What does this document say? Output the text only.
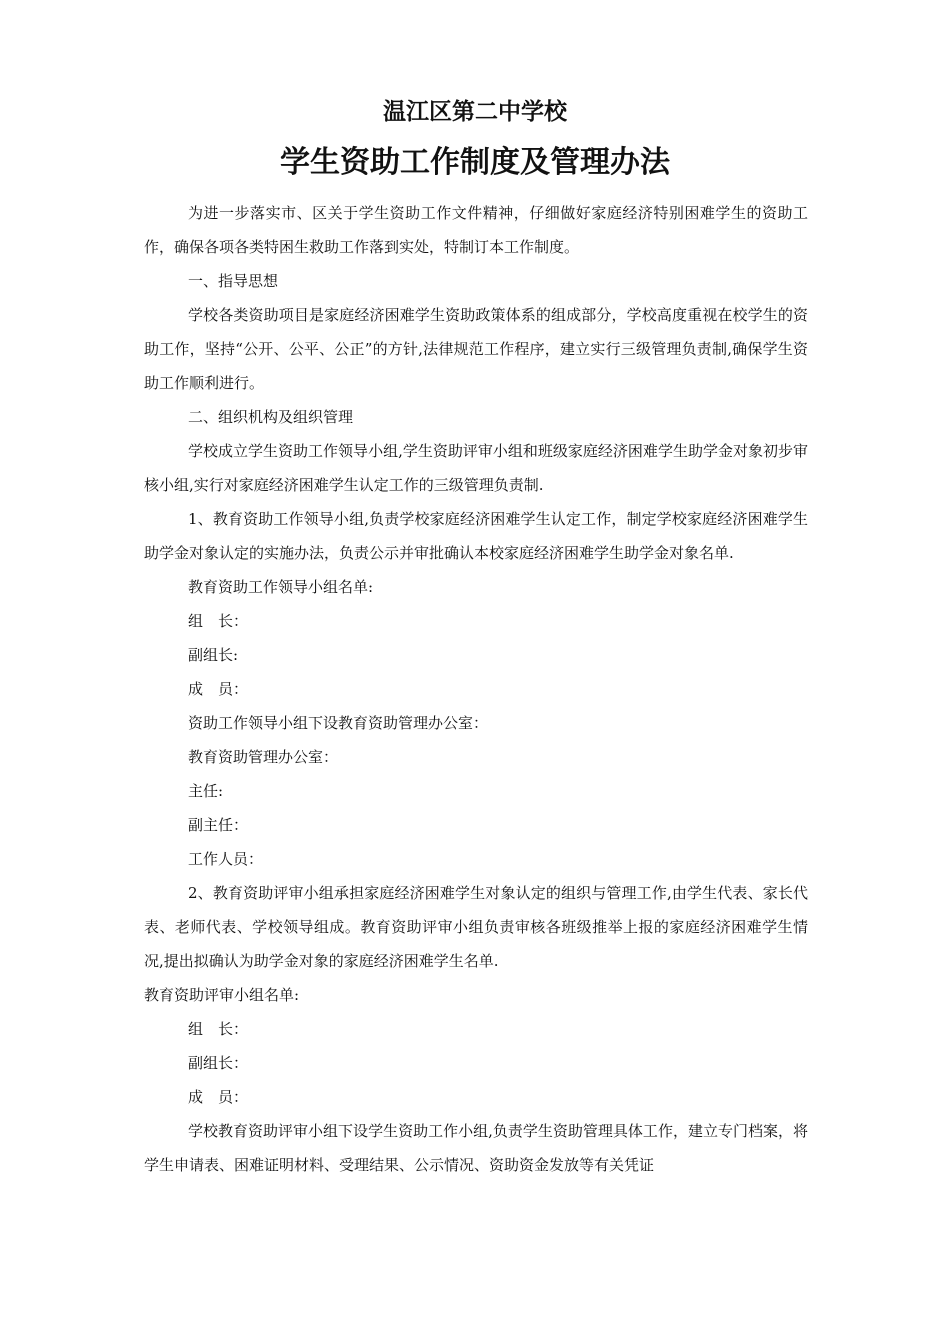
温江区第二中学校
学生资助工作制度及管理办法

为进一步落实市、区关于学生资助工作文件精神，仔细做好家庭经济特别困难学生的资助工作，确保各项各类特困生救助工作落到实处，特制订本工作制度。

一、指导思想

学校各类资助项目是家庭经济困难学生资助政策体系的组成部分，学校高度重视在校学生的资助工作，坚持“公开、公平、公正”的方针,法律规范工作程序，建立实行三级管理负责制,确保学生资助工作顺利进行。

二、组织机构及组织管理

学校成立学生资助工作领导小组,学生资助评审小组和班级家庭经济困难学生助学金对象初步审核小组,实行对家庭经济困难学生认定工作的三级管理负责制.

1、教育资助工作领导小组,负责学校家庭经济困难学生认定工作，制定学校家庭经济困难学生助学金对象认定的实施办法，负责公示并审批确认本校家庭经济困难学生助学金对象名单.

教育资助工作领导小组名单:

组　长：

副组长:

成　员：

资助工作领导小组下设教育资助管理办公室：

教育资助管理办公室：

主任:

副主任：

工作人员：

2、教育资助评审小组承担家庭经济困难学生对象认定的组织与管理工作,由学生代表、家长代表、老师代表、学校领导组成。教育资助评审小组负责审核各班级推举上报的家庭经济困难学生情况,提出拟确认为助学金对象的家庭经济困难学生名单.

教育资助评审小组名单:

组　长：

副组长：

成　员：

学校教育资助评审小组下设学生资助工作小组,负责学生资助管理具体工作，建立专门档案，将学生申请表、困难证明材料、受理结果、公示情况、资助资金发放等有关凭证
